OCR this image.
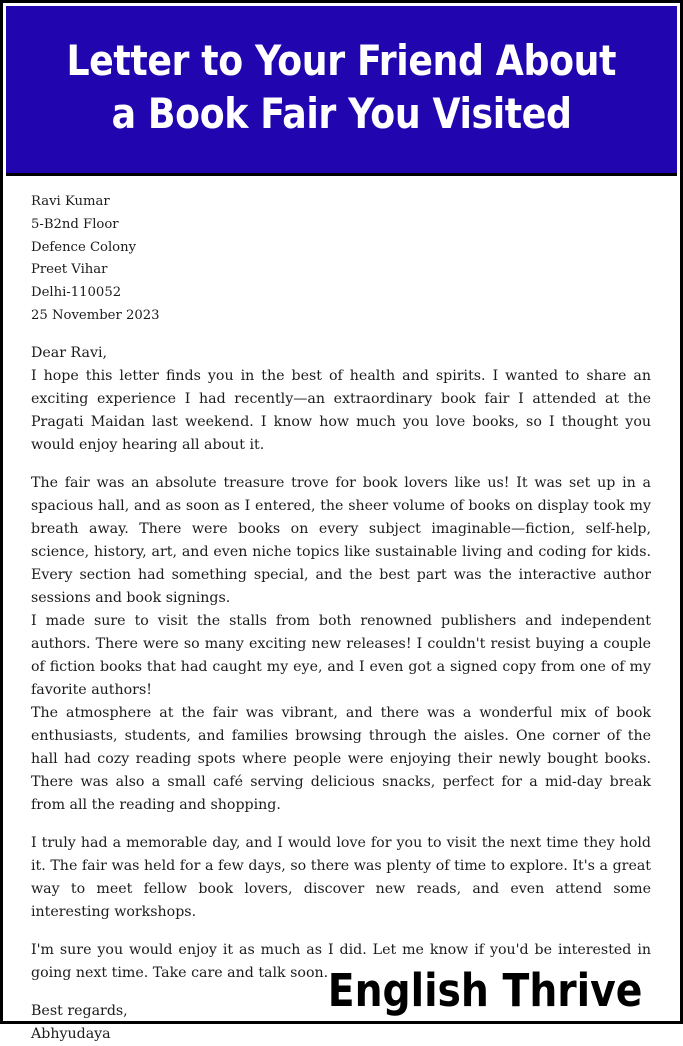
Letter to Your Friend About
a Book Fair You Visited
Ravi Kumar
5-B2nd Floor
Defence Colony
Preet Vihar
Delhi-110052
25 November 2023
Dear Ravi,

I hope this letter finds you in the best of health and spirits. I wanted to share an exciting experience I had recently—an extraordinary book fair I attended at the Pragati Maidan last weekend. I know how much you love books, so I thought you would enjoy hearing all about it.

The fair was an absolute treasure trove for book lovers like us! It was set up in a spacious hall, and as soon as I entered, the sheer volume of books on display took my breath away. There were books on every subject imaginable—fiction, self-help, science, history, art, and even niche topics like sustainable living and coding for kids. Every section had something special, and the best part was the interactive author sessions and book signings.

I made sure to visit the stalls from both renowned publishers and independent authors. There were so many exciting new releases! I couldn't resist buying a couple of fiction books that had caught my eye, and I even got a signed copy from one of my favorite authors!

The atmosphere at the fair was vibrant, and there was a wonderful mix of book enthusiasts, students, and families browsing through the aisles. One corner of the hall had cozy reading spots where people were enjoying their newly bought books. There was also a small café serving delicious snacks, perfect for a mid-day break from all the reading and shopping.

I truly had a memorable day, and I would love for you to visit the next time they hold it. The fair was held for a few days, so there was plenty of time to explore. It's a great way to meet fellow book lovers, discover new reads, and even attend some interesting workshops.

I'm sure you would enjoy it as much as I did. Let me know if you'd be interested in going next time. Take care and talk soon.

Best regards,
Abhyudaya
English Thrive
